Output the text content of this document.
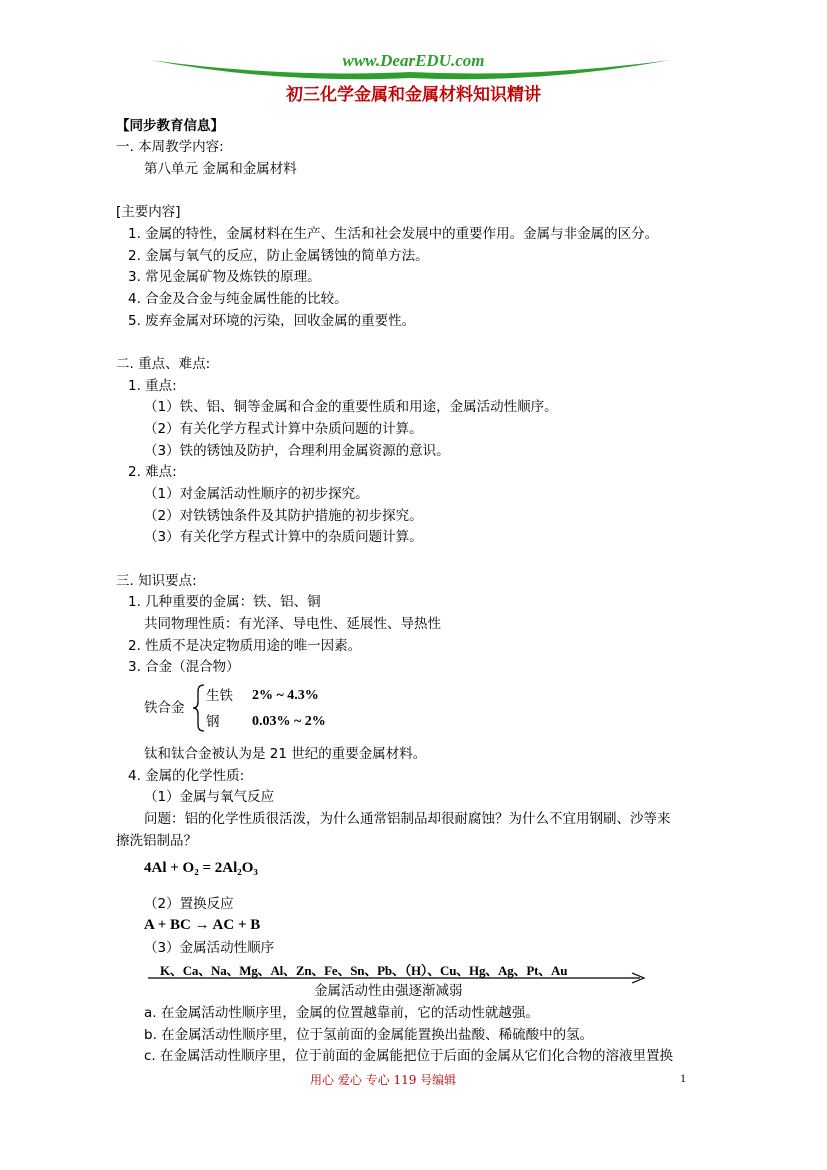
www.DearEDU.com
初三化学金属和金属材料知识精讲
【同步教育信息】
一. 本周教学内容:
第八单元 金属和金属材料
[主要内容]
1. 金属的特性，金属材料在生产、生活和社会发展中的重要作用。金属与非金属的区分。
2. 金属与氧气的反应，防止金属锈蚀的简单方法。
3. 常见金属矿物及炼铁的原理。
4. 合金及合金与纯金属性能的比较。
5. 废弃金属对环境的污染，回收金属的重要性。
二. 重点、难点:
1. 重点:
（1）铁、铝、铜等金属和合金的重要性质和用途，金属活动性顺序。
（2）有关化学方程式计算中杂质问题的计算。
（3）铁的锈蚀及防护，合理利用金属资源的意识。
2. 难点:
（1）对金属活动性顺序的初步探究。
（2）对铁锈蚀条件及其防护措施的初步探究。
（3）有关化学方程式计算中的杂质问题计算。
三. 知识要点:
1. 几种重要的金属：铁、铝、铜
共同物理性质：有光泽、导电性、延展性、导热性
2. 性质不是决定物质用途的唯一因素。
3. 合金（混合物）
铁合金
生铁 2% ~ 4.3%
钢 0.03% ~ 2%
钛和钛合金被认为是 21 世纪的重要金属材料。
4. 金属的化学性质:
（1）金属与氧气反应
问题：铝的化学性质很活泼，为什么通常铝制品却很耐腐蚀？为什么不宜用钢刷、沙等来
擦洗铝制品？
4Al + O₂ = 2Al₂O₃
（2）置换反应
A + BC → AC + B
（3）金属活动性顺序
K、Ca、Na、Mg、Al、Zn、Fe、Sn、Pb、（H）、Cu、Hg、Ag、Pt、Au
金属活动性由强逐渐减弱
a. 在金属活动性顺序里，金属的位置越靠前，它的活动性就越强。
b. 在金属活动性顺序里，位于氢前面的金属能置换出盐酸、稀硫酸中的氢。
c. 在金属活动性顺序里，位于前面的金属能把位于后面的金属从它们化合物的溶液里置换
用心 爱心 专心 119 号编辑	1
